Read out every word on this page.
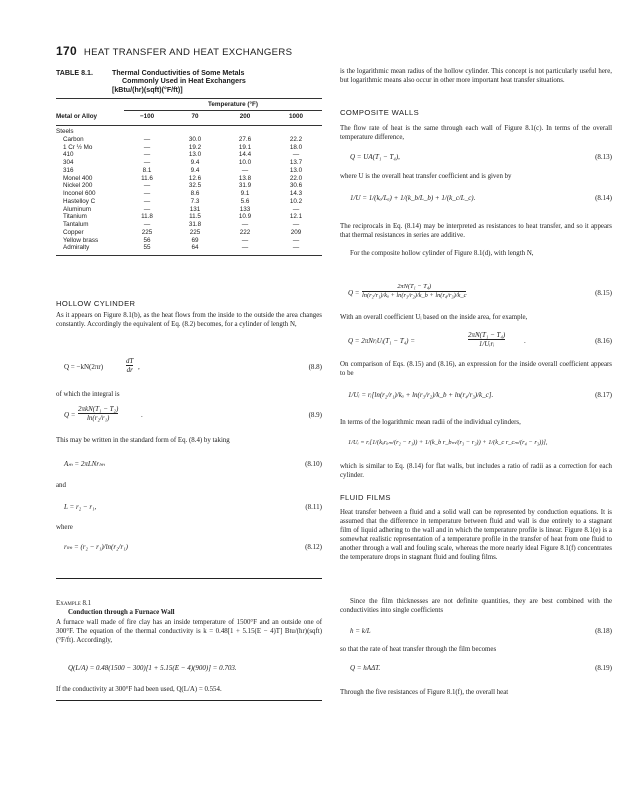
170 HEAT TRANSFER AND HEAT EXCHANGERS
TABLE 8.1.	Thermal Conductivities of Some Metals
Commonly Used in Heat Exchangers
[kBtu/(hr)(sqft)(°F/ft)]
Temperature (°F)
Metal or Alloy	−100	70	200	1000
Steels				
Carbon	—	30.0	27.6	22.2
1 Cr ½ Mo	—	19.2	19.1	18.0
410	—	13.0	14.4	—
304	—	9.4	10.0	13.7
316	8.1	9.4	—	13.0
Monel 400	11.6	12.6	13.8	22.0
Nickel 200	—	32.5	31.9	30.6
Inconel 600	—	8.6	9.1	14.3
Hastelloy C	—	7.3	5.6	10.2
Aluminum	—	131	133	—
Titanium	11.8	11.5	10.9	12.1
Tantalum	—	31.8	—	—
Copper	225	225	222	209
Yellow brass	56	69	—	—
Admiralty	55	64	—	—
HOLLOW CYLINDER

As it appears on Figure 8.1(b), as the heat flows from the inside to the outside the area changes constantly. Accordingly the equivalent of Eq. (8.2) becomes, for a cylinder of length N,

Q = −kN(2πr)	$\frac{dT}{dr}$ ,	(8.8)

of which the integral is

Q =
2πkN(T₁ − T₂)
ln(r₂/r₁)	.	(8.9)

This may be written in the standard form of Eq. (8.4) by taking

Aₘ = 2πLNrₗₘ	(8.10)

and

L = r₂ − r₁,	(8.11)

where

rₗₘ = (r₂ − r₁)/ln(r₂/r₁)	(8.12)
Example 8.1
Conduction through a Furnace Wall

A furnace wall made of fire clay has an inside temperature of 1500°F and an outside one of 300°F. The equation of the thermal conductivity is k = 0.48[1 + 5.15(E − 4)T] Btu/(hr)(sqft)(°F/ft). Accordingly,

Q(L/A) = 0.48(1500 − 300)[1 + 5.15(E − 4)(900)] = 0.703.

If the conductivity at 300°F had been used, Q(L/A) = 0.554.

is the logarithmic mean radius of the hollow cylinder. This concept is not particularly useful here, but logarithmic means also occur in other more important heat transfer situations.

COMPOSITE WALLS

The flow rate of heat is the same through each wall of Figure 8.1(c). In terms of the overall temperature difference,

Q = UA(T₁ − T₄),	(8.13)

where U is the overall heat transfer coefficient and is given by

1/U = 1/(kₐ/Lₐ) + 1/(k_b/L_b) + 1/(k_c/L_c).	(8.14)

The reciprocals in Eq. (8.14) may be interpreted as resistances to heat transfer, and so it appears that thermal resistances in series are additive.

For the composite hollow cylinder of Figure 8.1(d), with length N,

$Q = \frac{\text{2πN(T₁ − T₄)}}{\text{ln(r₂/r₁)/kₐ + ln(r₃/r₂)/k\_b + ln(r₄/r₃)/k\_c}}$	(8.15)

With an overall coefficient Uᵢ based on the inside area, for example,

Q = 2πNrᵢUᵢ(T₁ − T₄) =
2πN(T₁ − T₄)
1/Uᵢrᵢ	.	(8.16)

On comparison of Eqs. (8.15) and (8.16), an expression for the inside overall coefficient appears to be

1/Uᵢ = rᵢ[ln(r₂/r₁)/kₐ + ln(r₃/r₂)/k_b + ln(r₄/r₃)/k_c].	(8.17)

In terms of the logarithmic mean radii of the individual cylinders,

1/Uᵢ = rᵢ[1/(kₐrₐₘ/(r₂ − r₁)) + 1/(k_b r_bₘ/(r₃ − r₂)) + 1/(k_c r_cₘ/(r₄ − r₃))],

which is similar to Eq. (8.14) for flat walls, but includes a ratio of radii as a correction for each cylinder.

FLUID FILMS

Heat transfer between a fluid and a solid wall can be represented by conduction equations. It is assumed that the difference in temperature between fluid and wall is due entirely to a stagnant film of liquid adhering to the wall and in which the temperature profile is linear. Figure 8.1(e) is a somewhat realistic representation of a temperature profile in the transfer of heat from one fluid to another through a wall and fouling scale, whereas the more nearly ideal Figure 8.1(f) concentrates the temperature drops in stagnant fluid and fouling films.

Since the film thicknesses are not definite quantities, they are best combined with the conductivities into single coefficients

h = k/L	(8.18)

so that the rate of heat transfer through the film becomes

Q = hAΔT.	(8.19)

Through the five resistances of Figure 8.1(f), the overall heat
